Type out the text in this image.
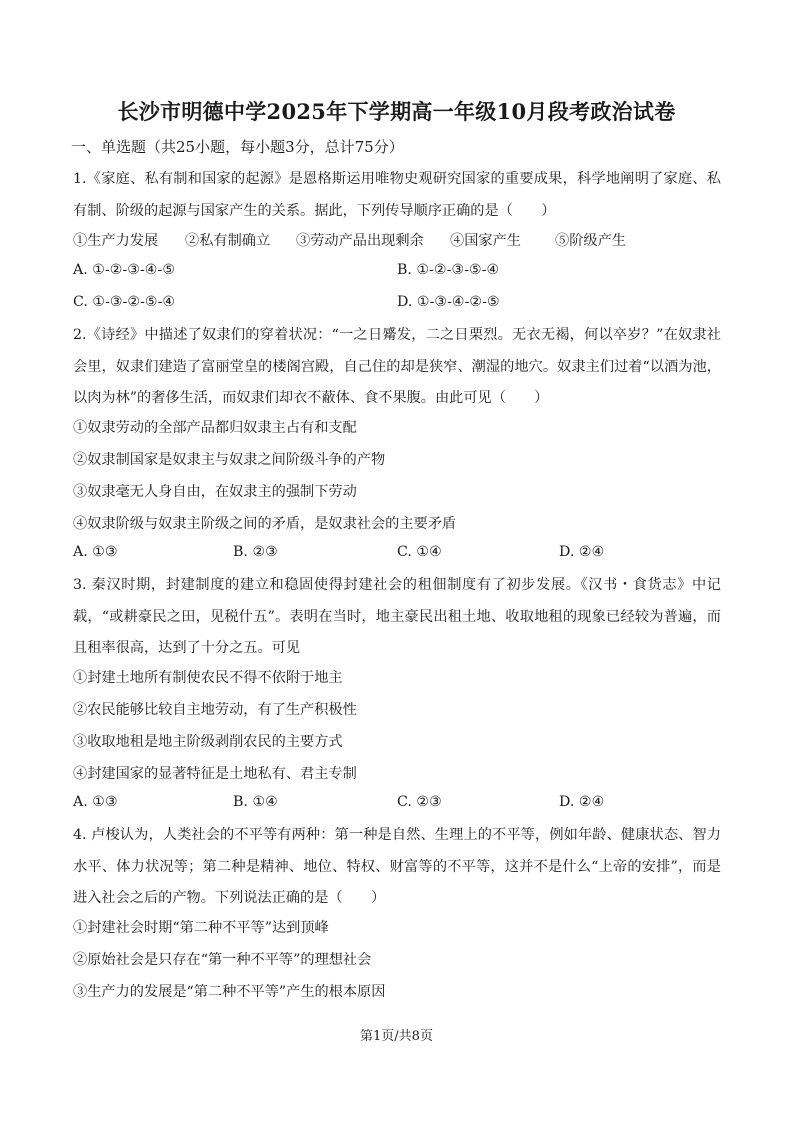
长沙市明德中学2025年下学期高一年级10月段考政治试卷
一、单选题（共25小题，每小题3分，总计75分）
1.《家庭、私有制和国家的起源》是恩格斯运用唯物史观研究国家的重要成果，科学地阐明了家庭、私有制、阶级的起源与国家产生的关系。据此，下列传导顺序正确的是（　　）
①生产力发展 ②私有制确立 ③劳动产品出现剩余 ④国家产生 ⑤阶级产生
A. ①-②-③-④-⑤	B. ①-②-③-⑤-④
C. ①-③-②-⑤-④	D. ①-③-④-②-⑤
2.《诗经》中描述了奴隶们的穿着状况：“一之日觱发，二之日栗烈。无衣无褐，何以卒岁？”在奴隶社会里，奴隶们建造了富丽堂皇的楼阁宫殿，自己住的却是狭窄、潮湿的地穴。奴隶主们过着“以酒为池，以肉为林”的奢侈生活，而奴隶们却衣不蔽体、食不果腹。由此可见（　　）
①奴隶劳动的全部产品都归奴隶主占有和支配
②奴隶制国家是奴隶主与奴隶之间阶级斗争的产物
③奴隶毫无人身自由，在奴隶主的强制下劳动
④奴隶阶级与奴隶主阶级之间的矛盾，是奴隶社会的主要矛盾
A. ①③	B. ②③	C. ①④	D. ②④
3. 秦汉时期，封建制度的建立和稳固使得封建社会的租佃制度有了初步发展。《汉书・食货志》中记载，“或耕豪民之田，见税什五”。表明在当时，地主豪民出租土地、收取地租的现象已经较为普遍，而且租率很高，达到了十分之五。可见
①封建土地所有制使农民不得不依附于地主
②农民能够比较自主地劳动，有了生产积极性
③收取地租是地主阶级剥削农民的主要方式
④封建国家的显著特征是土地私有、君主专制
A. ①③	B. ①④	C. ②③	D. ②④
4. 卢梭认为，人类社会的不平等有两种：第一种是自然、生理上的不平等，例如年龄、健康状态、智力水平、体力状况等；第二种是精神、地位、特权、财富等的不平等，这并不是什么“上帝的安排”，而是进入社会之后的产物。下列说法正确的是（　　）
①封建社会时期“第二种不平等”达到顶峰
②原始社会是只存在“第一种不平等”的理想社会
③生产力的发展是“第二种不平等”产生的根本原因
第1页/共8页
